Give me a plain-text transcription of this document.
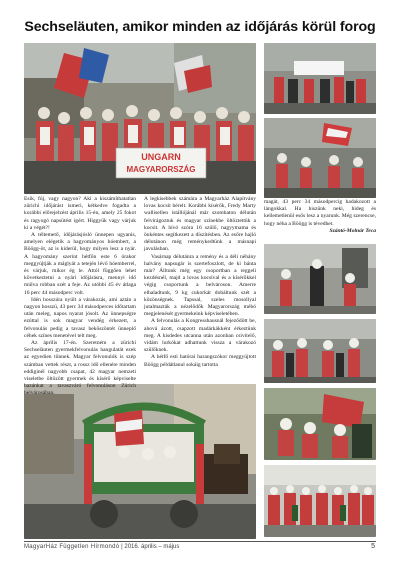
Sechseläuten, amikor minden az időjárás körül forog
UNGARN
MAGYARORSZÁG

Esik, fúj, vagy nagyon? Aki a kiszámíthatatlan zürichi időjárást ismeri, kétkedve fogadta a korábbi előrejelzést április 15-én, amely 25 fokot és ragyogó napsütést ígért. Higgyük vagy várjuk ki a végét?!

A téltemető, időjárásjósló ünnepen ugyanis, amelyen elégetik a hagyományos hóembert, a Böögg-öt, az is kiderül, hogy milyen lesz a nyár. A hagyomány szerint hétfőn este 6 órakor meggyújtják a máglyát a tetején lévő hóemberrel, és várjuk, mikor ég le. Attól függően lehet következtetni a nyári időjárásra, mennyi idő múlva robban szét a feje. Az utóbbi 45 év átlaga 16 perc 44 másodperc volt.

Idén hosszúra nyúlt a várakozás, ami aztán a nagyon hosszú, 43 perc 34 másodperces időtartam után meleg, napos nyarat jósolt. Az ünnepségre ezúttal is sok magyar vendég érkezett, a felvonulás pedig a tavasz beköszöntét ünneplő céhek színes menetével telt meg.

Az április 17-én. Szeretném a zürichi Sechseläuten gyermekfelvonulás hangulatát ezek az egyedien tűnnek. Magyar felvonulók is szép számban vettek részt, a rossz idő ellenére minden eddiginél nagyobb csapat, 42 magyar nemzeti viseletbe öltözött gyermek és kísérő képviselte hazánkat a tavaszváró felvonuláson Zürich belvárosában.

A legkisebbek számára a Magyarház Alapítvány lovas kocsit bérelt. Korábbi kísérők, Fredy Marty wallisellen istállójánál már szombaton délután felvirágoztuk és magyar színekbe öltöztettük a kocsit. A hívó szóra 16 szülő, nagyymama és önkéntes segítkezett a díszítésben. Az esőre hajló délutánon még reménykedtünk a másnapi javulásban.

Vasárnap délutánra a remény és a déli néhány halvány napsugár is szertefoszlott, de ki bánta már? Álltunk még egy csoportban a reggeli kezdésnél, majd a lovas kocsival és a kísérőkkel végig csoportunk a belvároson. Amerre elhaladtunk, 9 kg cukorkát dobáltunk szét a közönségnek. Tapssal, szeles mosollyal jutalmazták a nézelődők Magyarország mébó megjelenését gyermekeink képviseletében.

A felvonulás a Kongresshausnál fejeződött be, ahová ázott, csapzott madárkákként érkeztünk meg. A kisdedes utcanna után azonban csivitelő, vidám lurkókat adhattunk vissza a várakozó szülőknek.

A hétfő esti hatórai harangszókor meggyújtott Böögg példátlanul sokáig tartotta

magát, 43 perc 34 másodpercig hadakozott a lángokkal. Ha hiszünk neki, hideg és kellemetlenül esős lesz a nyarunk. Még szerencse, hogy néha a Böögg is tévedhet.

Szántó-Molnár Teca

MagyarHáz Független Hírmondó | 2016. április – május	5
